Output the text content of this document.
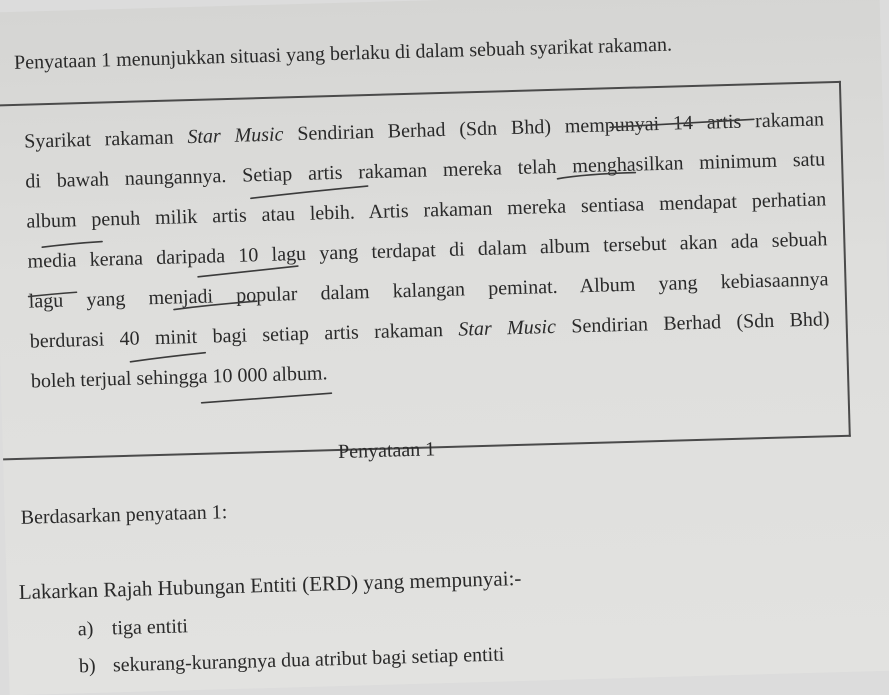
Penyataan 1 menunjukkan situasi yang berlaku di dalam sebuah syarikat rakaman.

Syarikat rakaman Star Music Sendirian Berhad (Sdn Bhd) mempunyai 14 artis rakaman

di bawah naungannya. Setiap artis rakaman mereka telah menghasilkan minimum satu

album penuh milik artis atau lebih. Artis rakaman mereka sentiasa mendapat perhatian

media kerana daripada 10 lagu yang terdapat di dalam album tersebut akan ada sebuah

lagu yang menjadi popular dalam kalangan peminat. Album yang kebiasaannya

berdurasi 40 minit bagi setiap artis rakaman Star Music Sendirian Berhad (Sdn Bhd)

boleh terjual sehingga 10 000 album.

Penyataan 1
Berdasarkan penyataan 1:
Lakarkan Rajah Hubungan Entiti (ERD) yang mempunyai:-
a) tiga entiti
b) sekurang-kurangnya dua atribut bagi setiap entiti
